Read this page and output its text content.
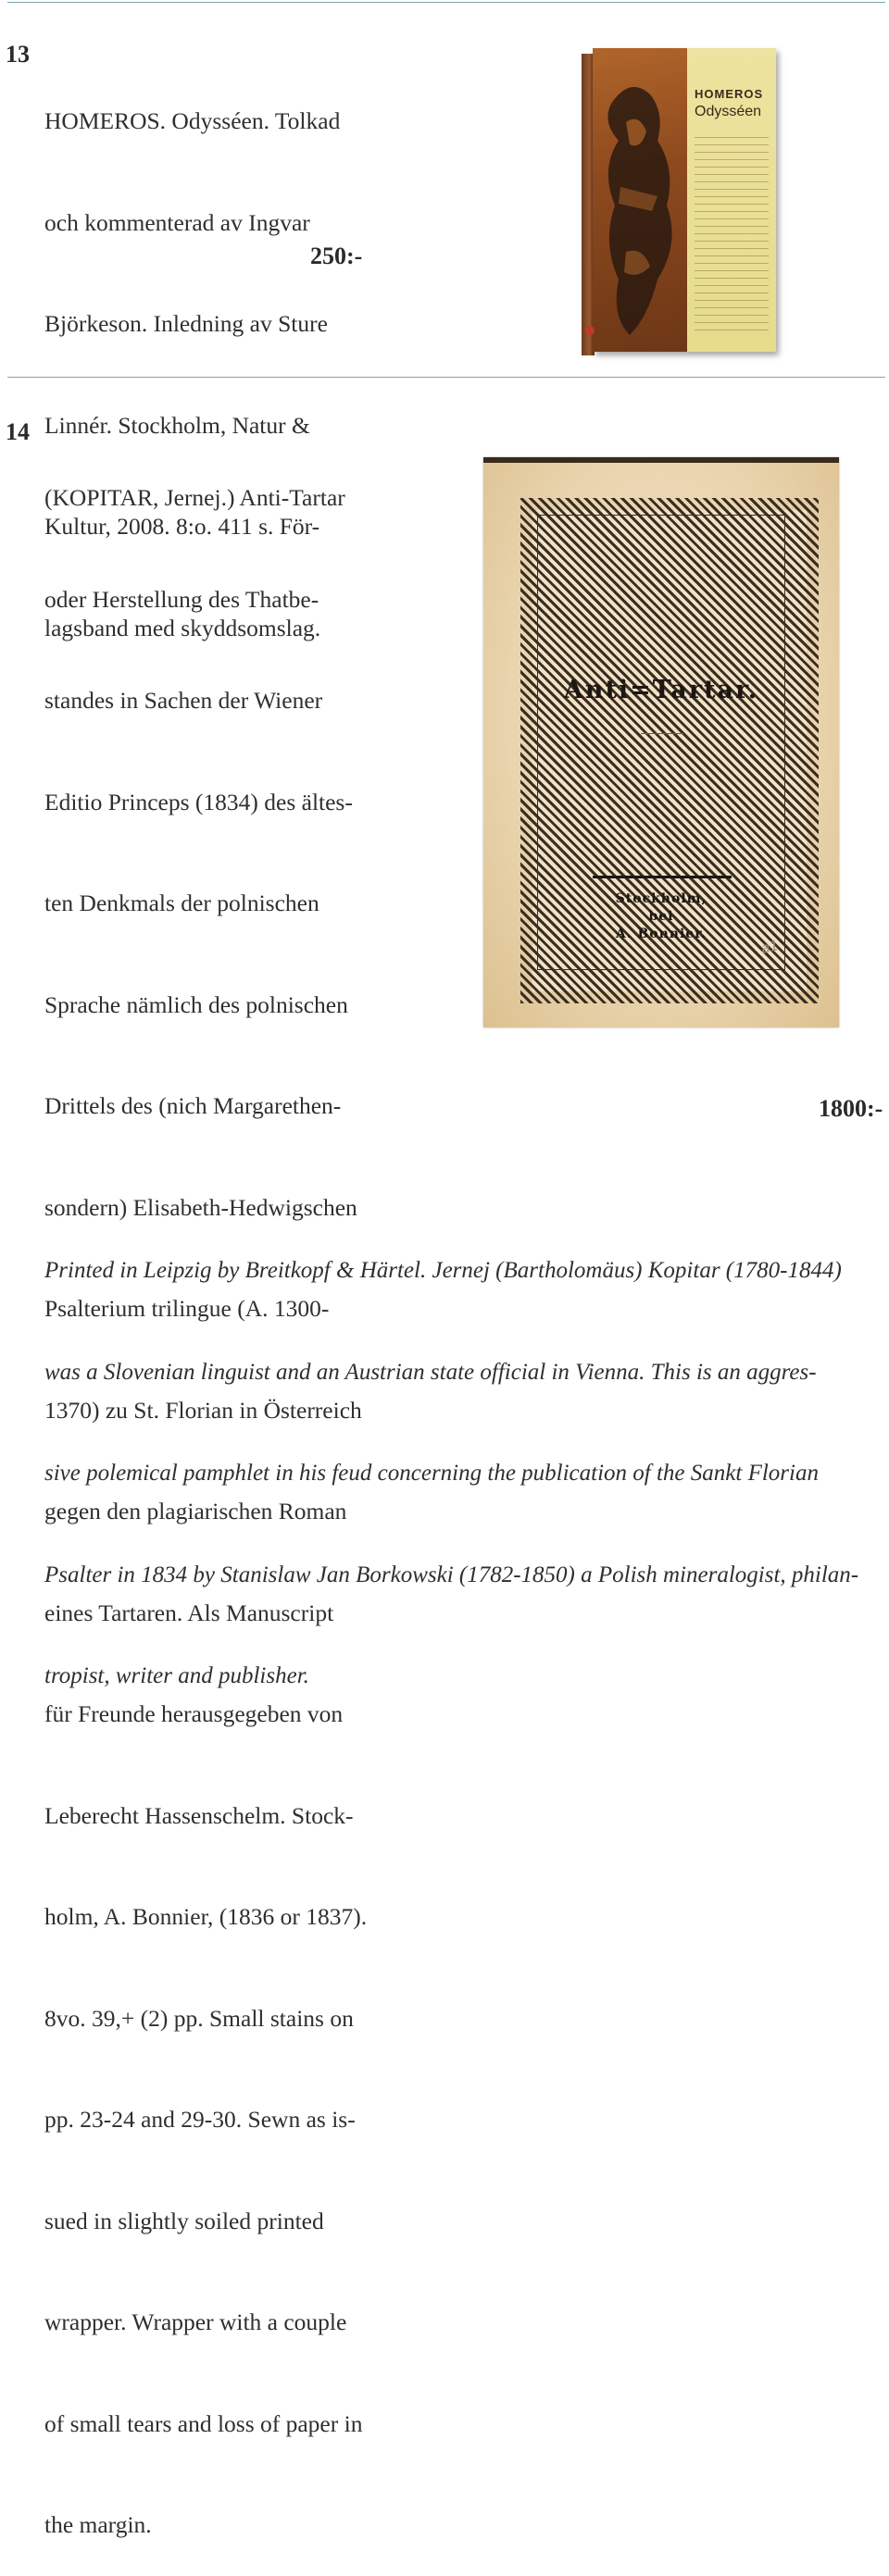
13

HOMEROS. Odysséen. Tolkad

och kommenterad av Ingvar

Björkeson. Inledning av Sture

Linnér. Stockholm, Natur &

Kultur, 2008. 8:o. 411 s. För-

lagsband med skyddsomslag.

250:-
HOMEROS
Odysséen
14

(KOPITAR, Jernej.) Anti-Tartar

oder Herstellung des Thatbe-

standes in Sachen der Wiener

Editio Princeps (1834) des ältes-

ten Denkmals der polnischen

Sprache nämlich des polnischen

Drittels des (nich Margarethen-

sondern) Elisabeth-Hedwigschen

Psalterium trilingue (A. 1300-

1370) zu St. Florian in Österreich

gegen den plagiarischen Roman

eines Tartaren. Als Manuscript

für Freunde herausgegeben von

Leberecht Hassenschelm. Stock-

holm, A. Bonnier, (1836 or 1837).

8vo. 39,+ (2) pp. Small stains on

pp. 23-24 and 29-30. Sewn as is-

sued in slightly soiled printed

wrapper. Wrapper with a couple

of small tears and loss of paper in

the margin.

Anti=Tartar.
Stockholm,
bei
A. Bonnier.
a1
1800:-

Printed in Leipzig by Breitkopf & Härtel. Jernej (Bartholomäus) Kopitar (1780-1844)

was a Slovenian linguist and an Austrian state official in Vienna. This is an aggres-

sive polemical pamphlet in his feud concerning the publication of the Sankt Florian

Psalter in 1834 by Stanislaw Jan Borkowski (1782-1850) a Polish mineralogist, philan-

tropist, writer and publisher.
